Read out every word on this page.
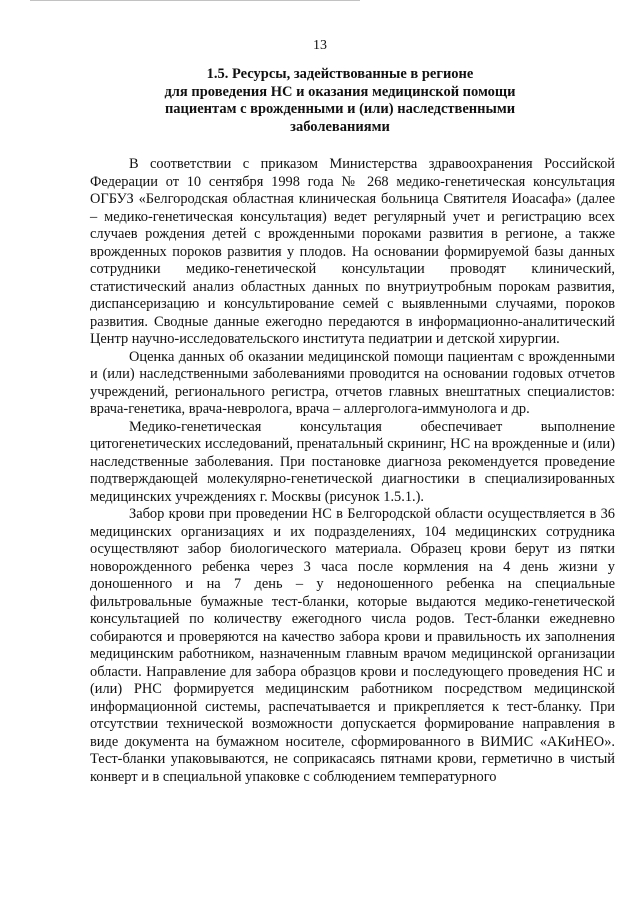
13
1.5. Ресурсы, задействованные в регионе
для проведения НС и оказания медицинской помощи
пациентам с врожденными и (или) наследственными
заболеваниями

В соответствии с приказом Министерства здравоохранения Российской Федерации от 10 сентября 1998 года № 268 медико-генетическая консультация ОГБУЗ «Белгородская областная клиническая больница Святителя Иоасафа» (далее – медико-генетическая консультация) ведет регулярный учет и регистрацию всех случаев рождения детей с врожденными пороками развития в регионе, а также врожденных пороков развития у плодов. На основании формируемой базы данных сотрудники медико-генетической консультации проводят клинический, статистический анализ областных данных по внутриутробным порокам развития, диспансеризацию и консультирование семей с выявленными случаями, пороков развития. Сводные данные ежегодно передаются в информационно-аналитический Центр научно-исследовательского института педиатрии и детской хирургии.

Оценка данных об оказании медицинской помощи пациентам с врожденными и (или) наследственными заболеваниями проводится на основании годовых отчетов учреждений, регионального регистра, отчетов главных внештатных специалистов: врача-генетика, врача-невролога, врача – аллерголога-иммунолога и др.

Медико-генетическая консультация обеспечивает выполнение цитогенетических исследований, пренатальный скрининг, НС на врожденные и (или) наследственные заболевания. При постановке диагноза рекомендуется проведение подтверждающей молекулярно-генетической диагностики в специализированных медицинских учреждениях г. Москвы (рисунок 1.5.1.).

Забор крови при проведении НС в Белгородской области осуществляется в 36 медицинских организациях и их подразделениях, 104 медицинских сотрудника осуществляют забор биологического материала. Образец крови берут из пятки новорожденного ребенка через 3 часа после кормления на 4 день жизни у доношенного и на 7 день – у недоношенного ребенка на специальные фильтровальные бумажные тест-бланки, которые выдаются медико-генетической консультацией по количеству ежегодного числа родов. Тест-бланки ежедневно собираются и проверяются на качество забора крови и правильность их заполнения медицинским работником, назначенным главным врачом медицинской организации области. Направление для забора образцов крови и последующего проведения НС и (или) РНС формируется медицинским работником посредством медицинской информационной системы, распечатывается и прикрепляется к тест-бланку. При отсутствии технической возможности допускается формирование направления в виде документа на бумажном носителе, сформированного в ВИМИС «АКиНЕО». Тест-бланки упаковываются, не соприкасаясь пятнами крови, герметично в чистый конверт и в специальной упаковке с соблюдением температурного
